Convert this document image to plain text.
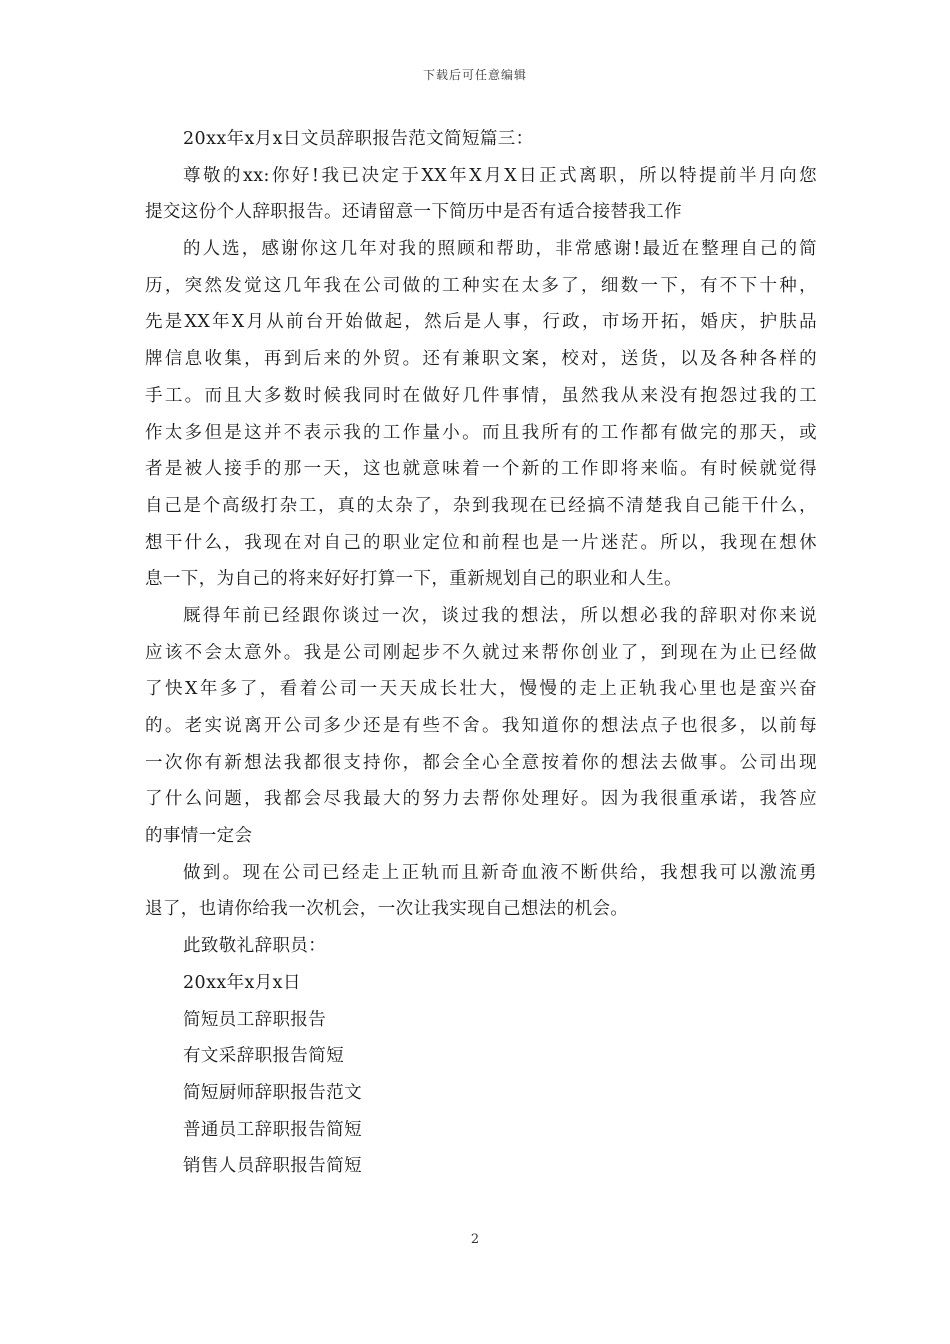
下载后可任意编辑
20xx年x月x日文员辞职报告范文简短篇三：
尊敬的xx:你好!我已决定于XX年X月X日正式离职，所以特提前半月向您
提交这份个人辞职报告。还请留意一下简历中是否有适合接替我工作
的人选，感谢你这几年对我的照顾和帮助，非常感谢!最近在整理自己的简
历，突然发觉这几年我在公司做的工种实在太多了，细数一下，有不下十种，
先是XX年X月从前台开始做起，然后是人事，行政，市场开拓，婚庆，护肤品
牌信息收集，再到后来的外贸。还有兼职文案，校对，送货，以及各种各样的
手工。而且大多数时候我同时在做好几件事情，虽然我从来没有抱怨过我的工
作太多但是这并不表示我的工作量小。而且我所有的工作都有做完的那天，或
者是被人接手的那一天，这也就意味着一个新的工作即将来临。有时候就觉得
自己是个高级打杂工，真的太杂了，杂到我现在已经搞不清楚我自己能干什么，
想干什么，我现在对自己的职业定位和前程也是一片迷茫。所以，我现在想休
息一下，为自己的将来好好打算一下，重新规划自己的职业和人生。
厩得年前已经跟你谈过一次，谈过我的想法，所以想必我的辞职对你来说
应该不会太意外。我是公司刚起步不久就过来帮你创业了，到现在为止已经做
了快X年多了，看着公司一天天成长壮大，慢慢的走上正轨我心里也是蛮兴奋
的。老实说离开公司多少还是有些不舍。我知道你的想法点子也很多，以前每
一次你有新想法我都很支持你，都会全心全意按着你的想法去做事。公司出现
了什么问题，我都会尽我最大的努力去帮你处理好。因为我很重承诺，我答应
的事情一定会
做到。现在公司已经走上正轨而且新奇血液不断供给，我想我可以激流勇
退了，也请你给我一次机会，一次让我实现自己想法的机会。
此致敬礼辞职员：
20xx年x月x日
简短员工辞职报告
有文采辞职报告简短
简短厨师辞职报告范文
普通员工辞职报告简短
销售人员辞职报告简短
2
